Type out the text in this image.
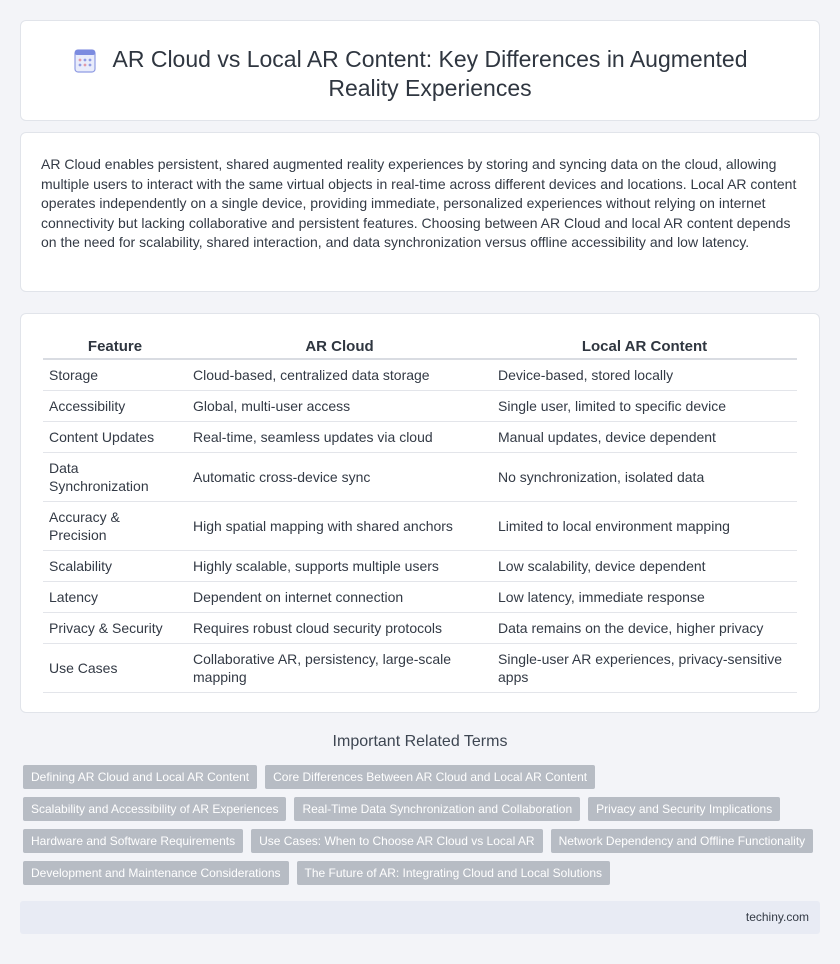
AR Cloud vs Local AR Content: Key Differences in Augmented Reality Experiences

AR Cloud enables persistent, shared augmented reality experiences by storing and syncing data on the cloud, allowing multiple users to interact with the same virtual objects in real-time across different devices and locations. Local AR content operates independently on a single device, providing immediate, personalized experiences without relying on internet connectivity but lacking collaborative and persistent features. Choosing between AR Cloud and local AR content depends on the need for scalability, shared interaction, and data synchronization versus offline accessibility and low latency.

Feature	AR Cloud	Local AR Content
Storage	Cloud-based, centralized data storage	Device-based, stored locally
Accessibility	Global, multi-user access	Single user, limited to specific device
Content Updates	Real-time, seamless updates via cloud	Manual updates, device dependent
Data Synchronization	Automatic cross-device sync	No synchronization, isolated data
Accuracy & Precision	High spatial mapping with shared anchors	Limited to local environment mapping
Scalability	Highly scalable, supports multiple users	Low scalability, device dependent
Latency	Dependent on internet connection	Low latency, immediate response
Privacy & Security	Requires robust cloud security protocols	Data remains on the device, higher privacy
Use Cases	Collaborative AR, persistency, large-scale mapping	Single-user AR experiences, privacy-sensitive apps
Important Related Terms
Defining AR Cloud and Local AR Content	Core Differences Between AR Cloud and Local AR Content
Scalability and Accessibility of AR Experiences	Real-Time Data Synchronization and Collaboration	Privacy and Security Implications
Hardware and Software Requirements	Use Cases: When to Choose AR Cloud vs Local AR	Network Dependency and Offline Functionality
Development and Maintenance Considerations	The Future of AR: Integrating Cloud and Local Solutions
techiny.com
